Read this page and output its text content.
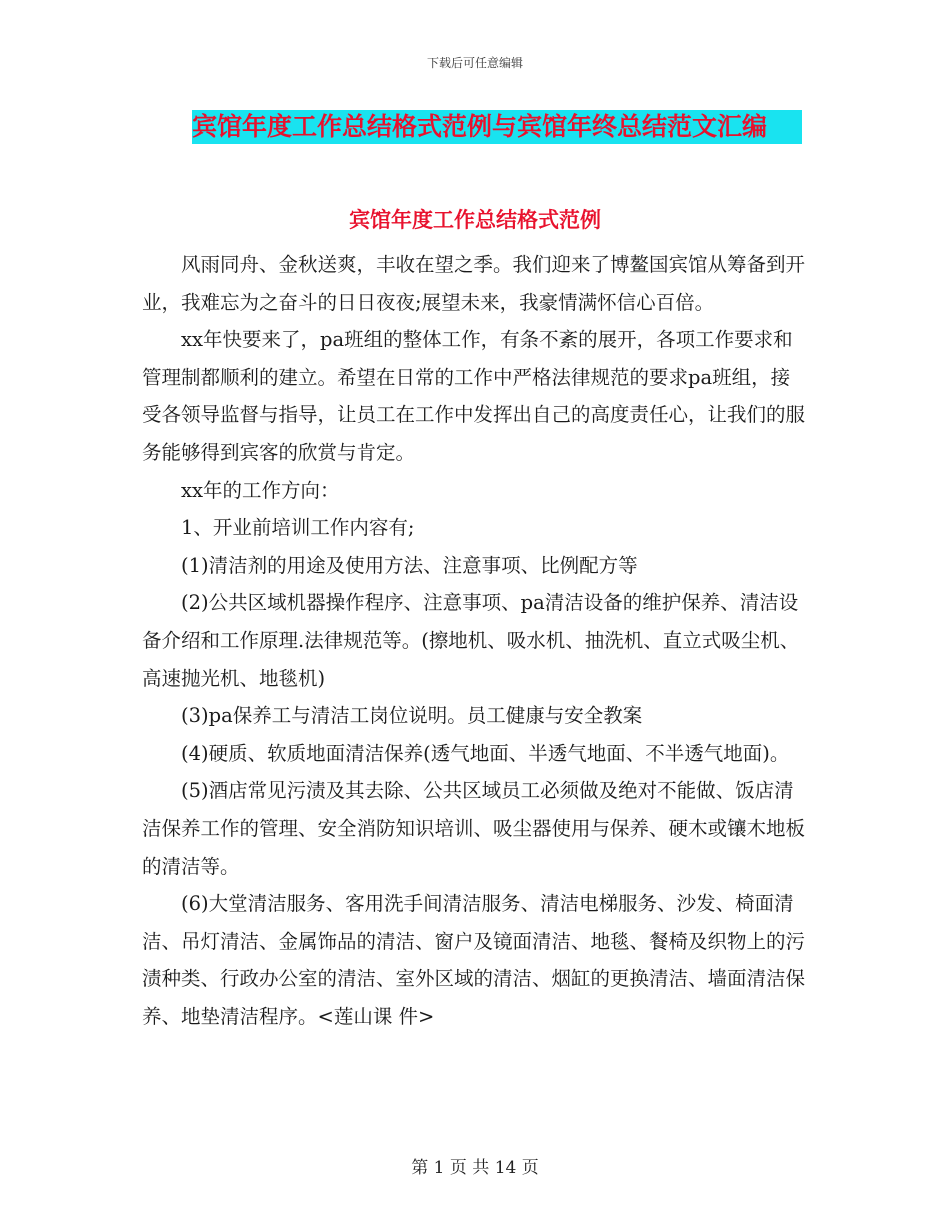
下载后可任意编辑
宾馆年度工作总结格式范例与宾馆年终总结范文汇编
宾馆年度工作总结格式范例

风雨同舟、金秋送爽，丰收在望之季。我们迎来了博鳌国宾馆从筹备到开业，我难忘为之奋斗的日日夜夜;展望未来，我豪情满怀信心百倍。

xx年快要来了，pa班组的整体工作，有条不紊的展开，各项工作要求和管理制都顺利的建立。希望在日常的工作中严格法律规范的要求pa班组，接受各领导监督与指导，让员工在工作中发挥出自己的高度责任心，让我们的服务能够得到宾客的欣赏与肯定。

xx年的工作方向：

1、开业前培训工作内容有;

(1)清洁剂的用途及使用方法、注意事项、比例配方等

(2)公共区域机器操作程序、注意事项、pa清洁设备的维护保养、清洁设备介绍和工作原理.法律规范等。(擦地机、吸水机、抽洗机、直立式吸尘机、高速抛光机、地毯机)

(3)pa保养工与清洁工岗位说明。员工健康与安全教案

(4)硬质、软质地面清洁保养(透气地面、半透气地面、不半透气地面)。

(5)酒店常见污渍及其去除、公共区域员工必须做及绝对不能做、饭店清洁保养工作的管理、安全消防知识培训、吸尘器使用与保养、硬木或镶木地板的清洁等。

(6)大堂清洁服务、客用洗手间清洁服务、清洁电梯服务、沙发、椅面清洁、吊灯清洁、金属饰品的清洁、窗户及镜面清洁、地毯、餐椅及织物上的污渍种类、行政办公室的清洁、室外区域的清洁、烟缸的更换清洁、墙面清洁保养、地垫清洁程序。<莲山课 件>

第 1 页 共 14 页
